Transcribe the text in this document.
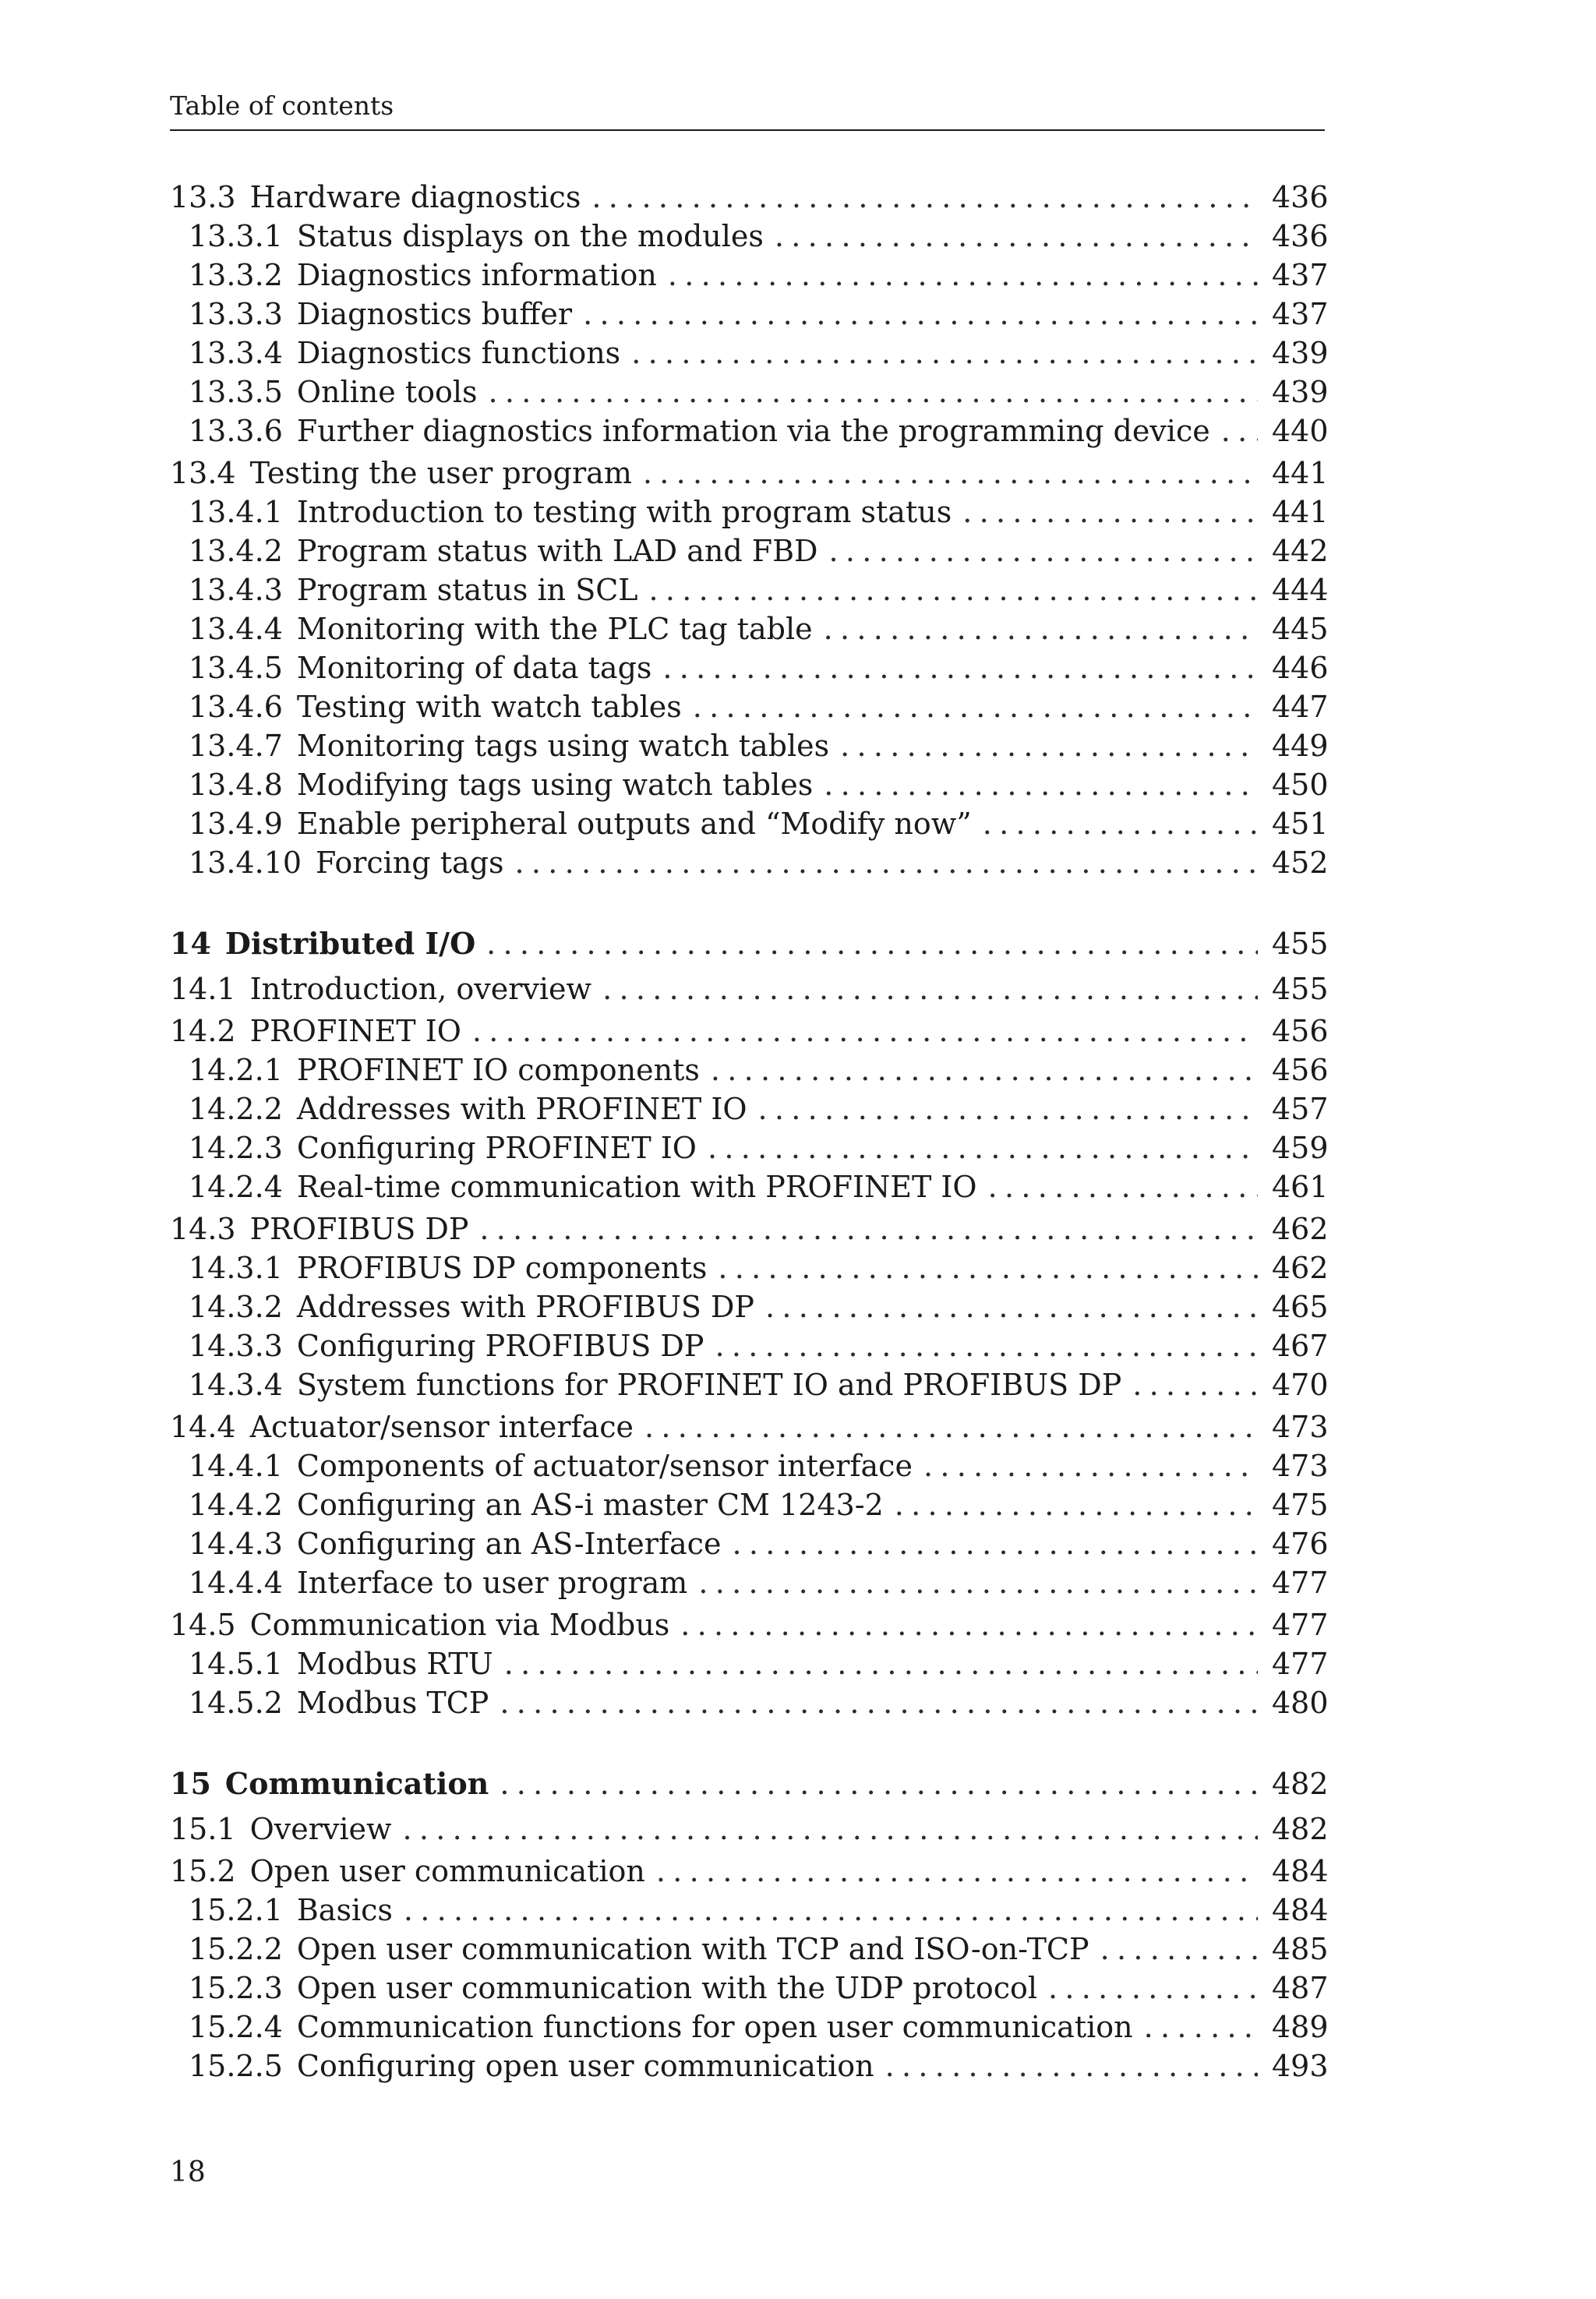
Table of contents
13.3 Hardware diagnostics .....	436
13.3.1 Status displays on the modules .....	436
13.3.2 Diagnostics information .....	437
13.3.3 Diagnostics buffer .....	437
13.3.4 Diagnostics functions .....	439
13.3.5 Online tools .....	439
13.3.6 Further diagnostics information via the programming device ..... 440
13.4 Testing the user program .....	441
13.4.1 Introduction to testing with program status .....	441
13.4.2 Program status with LAD and FBD .....	442
13.4.3 Program status in SCL .....	444
13.4.4 Monitoring with the PLC tag table .....	445
13.4.5 Monitoring of data tags .....	446
13.4.6 Testing with watch tables .....	447
13.4.7 Monitoring tags using watch tables .....	449
13.4.8 Modifying tags using watch tables .....	450
13.4.9 Enable peripheral outputs and “Modify now” .....	451
13.4.10 Forcing tags .....	452
14 Distributed I/O .....	455
14.1 Introduction, overview .....	455
14.2 PROFINET IO .....	456
14.2.1 PROFINET IO components .....	456
14.2.2 Addresses with PROFINET IO .....	457
14.2.3 Configuring PROFINET IO .....	459
14.2.4 Real-time communication with PROFINET IO .....	461
14.3 PROFIBUS DP .....	462
14.3.1 PROFIBUS DP components .....	462
14.3.2 Addresses with PROFIBUS DP .....	465
14.3.3 Configuring PROFIBUS DP .....	467
14.3.4 System functions for PROFINET IO and PROFIBUS DP .....	470
14.4 Actuator/sensor interface .....	473
14.4.1 Components of actuator/sensor interface .....	473
14.4.2 Configuring an AS-i master CM 1243-2 .....	475
14.4.3 Configuring an AS-Interface .....	476
14.4.4 Interface to user program .....	477
14.5 Communication via Modbus .....	477
14.5.1 Modbus RTU .....	477
14.5.2 Modbus TCP .....	480
15 Communication .....	482
15.1 Overview .....	482
15.2 Open user communication .....	484
15.2.1 Basics .....	484
15.2.2 Open user communication with TCP and ISO-on-TCP .....	485
15.2.3 Open user communication with the UDP protocol .....	487
15.2.4 Communication functions for open user communication .....	489
15.2.5 Configuring open user communication .....	493
18
